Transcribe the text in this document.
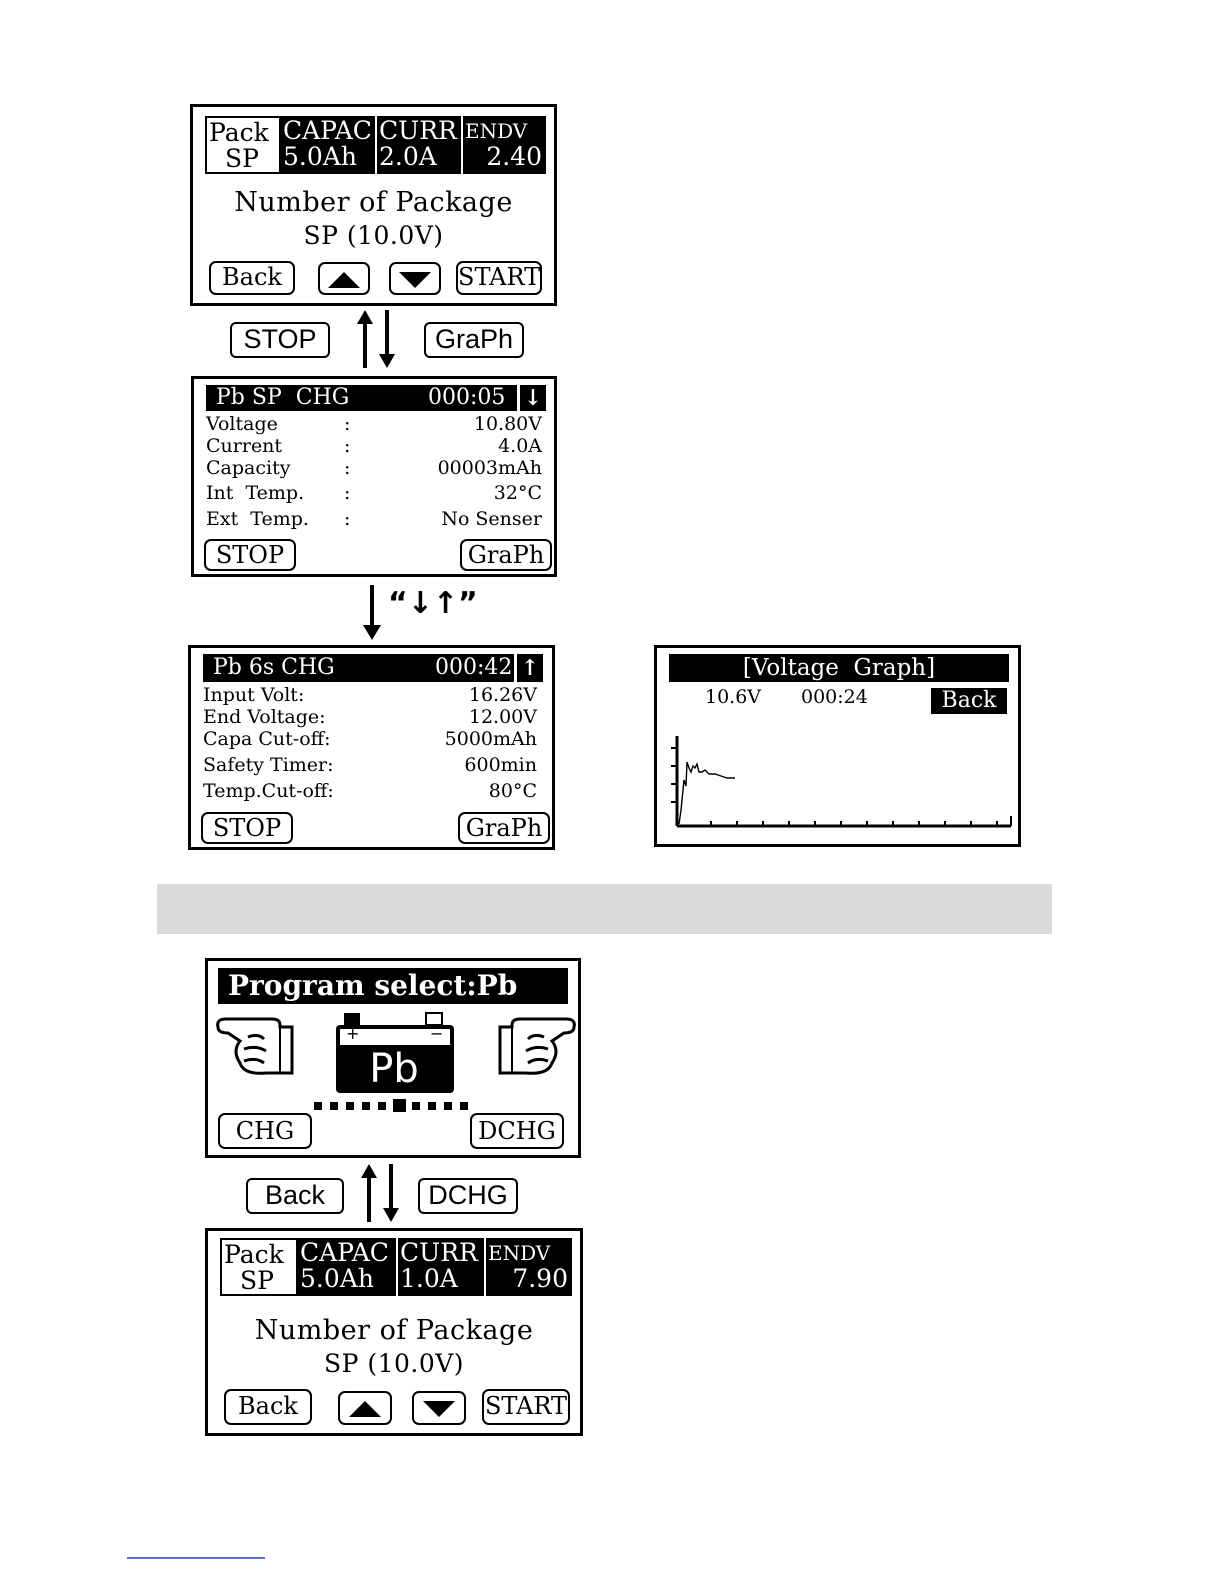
Pack
SP
CAPAC
5.0Ah
CURR
2.0A
ENDV
2.40
Number of Package
SP (10.0V)
Back	START
STOP	GraPh
Pb SP  CHG	000:05 ↓
Voltage	:	10.80V
Current	:	4.0A
Capacity	:	00003mAh
Int  Temp. :	32°C
Ext  Temp. :	No Senser
STOP	GraPh
“↓↑”
Pb 6s CHG	000:42 ↑
Input Volt:	16.26V
End Voltage:	12.00V
Capa Cut-off:	5000mAh
Safety Timer:	600min
Temp.Cut-off:	80°C
STOP	GraPh
[Voltage  Graph]
10.6V 000:24	Back
Program select:Pb
+	−
Pb
CHG	DCHG
Back	DCHG
Pack
SP
CAPAC
5.0Ah
CURR
1.0A
ENDV
7.90
Number of Package
SP (10.0V)
Back	START
